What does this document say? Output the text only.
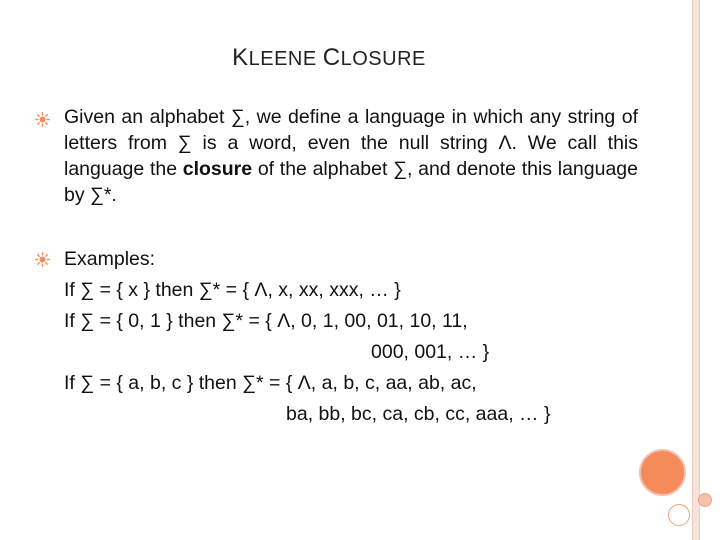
KLEENE CLOSURE
Given an alphabet ∑, we define a language in which any string of letters from ∑ is a word, even the null string Λ. We call this language the closure of the alphabet ∑, and denote this language by ∑*.
Examples:
If ∑ = { x } then ∑* = { Λ, x, xx, xxx, … }
If ∑ = { 0, 1 } then ∑* = { Λ, 0, 1, 00, 01, 10, 11,
000, 001, … }
If ∑ = { a, b, c } then ∑* = { Λ, a, b, c, aa, ab, ac,
ba, bb, bc, ca, cb, cc, aaa, … }
